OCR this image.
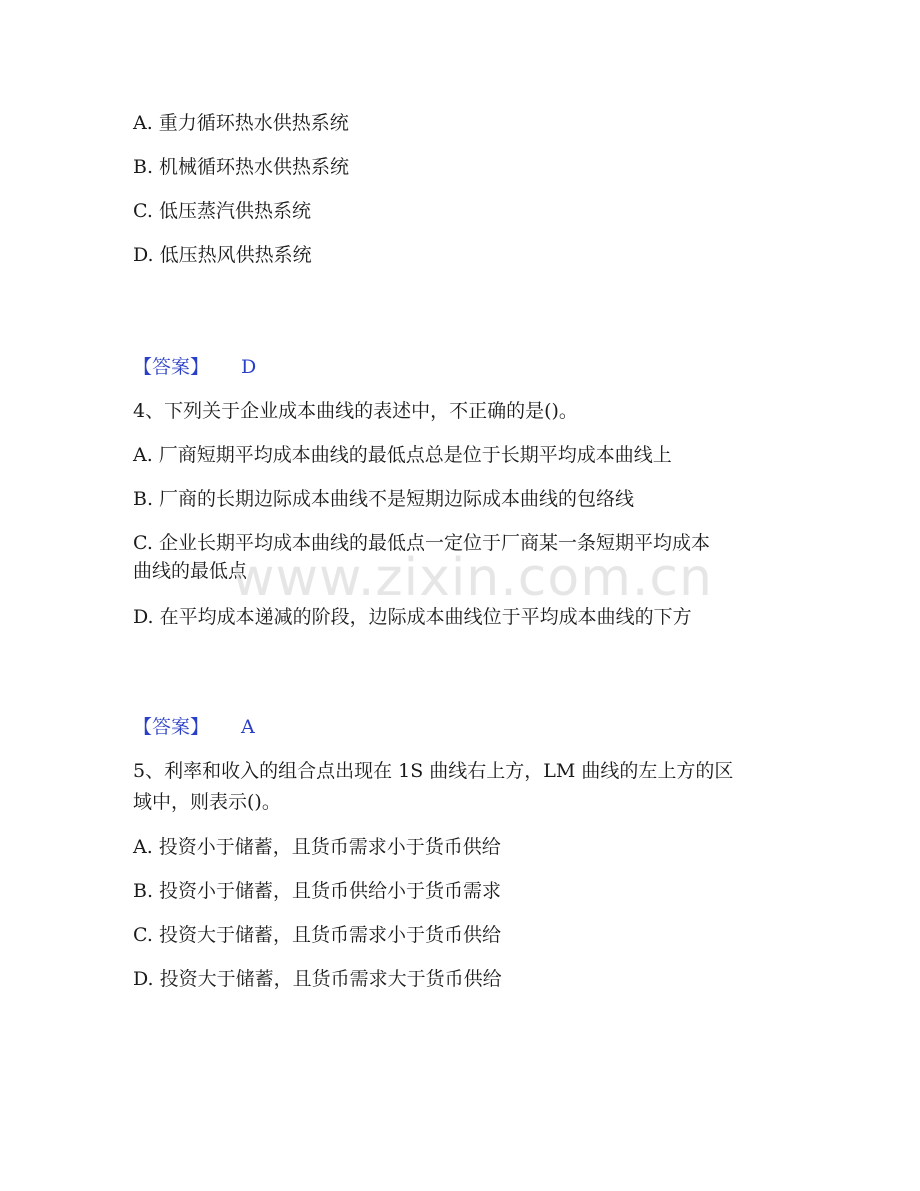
A. 重力循环热水供热系统
B. 机械循环热水供热系统
C. 低压蒸汽供热系统
D. 低压热风供热系统
【答案】 D
4、下列关于企业成本曲线的表述中，不正确的是()。
A. 厂商短期平均成本曲线的最低点总是位于长期平均成本曲线上
B. 厂商的长期边际成本曲线不是短期边际成本曲线的包络线
C. 企业长期平均成本曲线的最低点一定位于厂商某一条短期平均成本
曲线的最低点
D. 在平均成本递减的阶段，边际成本曲线位于平均成本曲线的下方
www.zixin.com.cn
【答案】 A
5、利率和收入的组合点出现在 1S 曲线右上方，LM 曲线的左上方的区
域中，则表示()。
A. 投资小于储蓄，且货币需求小于货币供给
B. 投资小于储蓄，且货币供给小于货币需求
C. 投资大于储蓄，且货币需求小于货币供给
D. 投资大于储蓄，且货币需求大于货币供给
